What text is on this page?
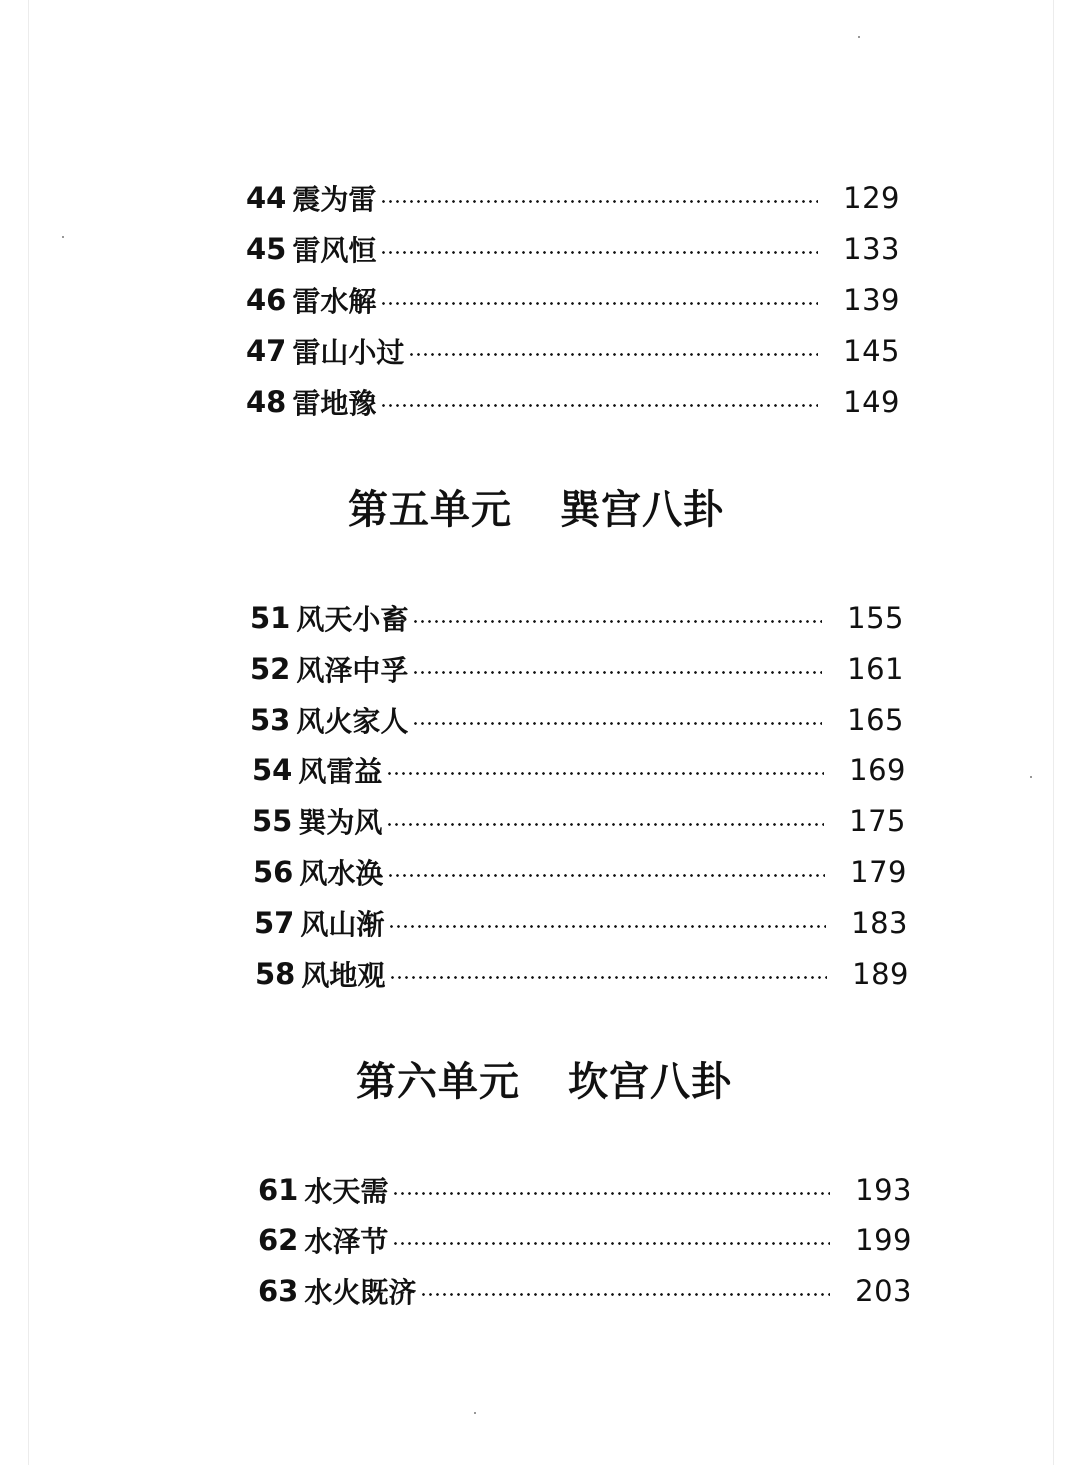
44 震为雷	129
45 雷风恒	133
46 雷水解	139
47 雷山小过	145
48 雷地豫	149
第五单元 巽宫八卦
51 风天小畜	155
52 风泽中孚	161
53 风火家人	165
54 风雷益	169
55 巽为风	175
56 风水涣	179
57 风山渐	183
58 风地观	189
第六单元 坎宫八卦
61 水天需	193
62 水泽节	199
63 水火既济	203
